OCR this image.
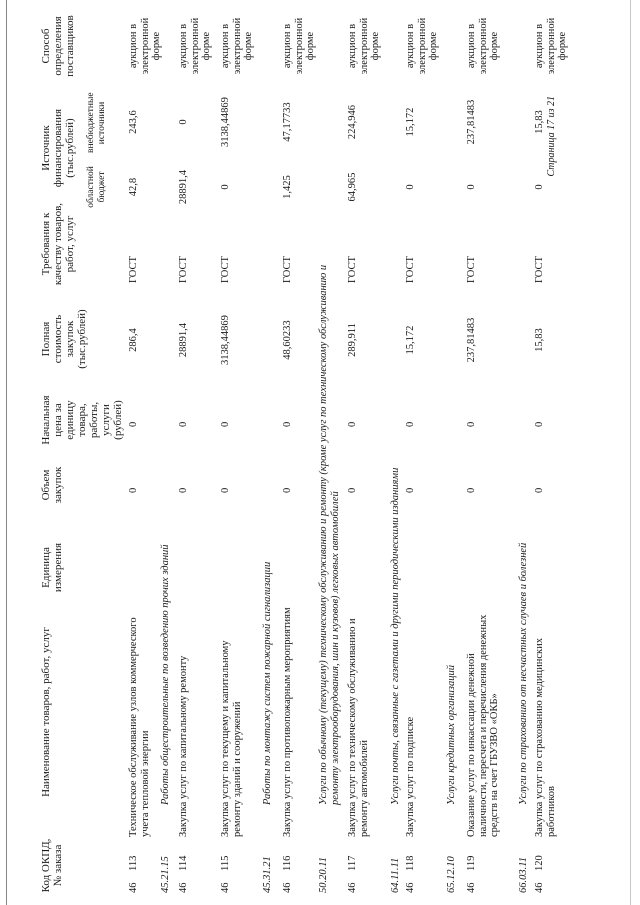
Код ОКПД, № заказа
Наименование товаров, работ, услуг
Единица измерения
Объем закупок
Начальная цена за единицу товара, работы, услуги (рублей)
Полная стоимость закупок (тыс.рублей)
Требования к качеству товаров, работ, услуг
Источник финансирования (тыс.рублей)
областной бюджет
внебюджетные источники
Способ определения поставщиков
46
113
Техническое обслуживание узлов коммерческого учета тепловой энергии
0
0
286,4
ГОСТ
42,8
243,6
аукцион в электронной форме
45.21.15
Работы общестроительные по возведению прочих зданий
46
114
Закупка услуг по капитальному ремонту
0
0
28891,4
ГОСТ
28891,4
0
аукцион в электронной форме
46
115
Закупка услуг по текущему и капитальному ремонту зданий и сооружений
0
0
3138,44869
ГОСТ
0
3138,44869
аукцион в электронной форме
45.31.21
Работы по монтажу систем пожарной сигнализации
46
116
Закупка услуг по противопожарным мероприятиям
0
0
48,60233
ГОСТ
1,425
47,17733
аукцион в электронной форме
50.20.11
Услуги по обычному (текущему) техническому обслуживанию и ремонту (кроме услуг по техническому обслуживанию и ремонту электрооборудования, шин и кузовов) легковых автомобилей
46
117
Закупка услуг по техническому обслуживанию и ремонту автомобилей
0
0
289,911
ГОСТ
64,965
224,946
аукцион в электронной форме
64.11.11
Услуги почты, связанные с газетами и другими периодическими изданиями
46
118
Закупка услуг по подписке
0
0
15,172
ГОСТ
0
15,172
аукцион в электронной форме
65.12.10
Услуги кредитных организаций
46
119
Оказание услуг по инкассации денежной наличности, пересчета и перечисления денежных средств на счет ГБУЗВО «ОКБ»
0
0
237,81483
ГОСТ
0
237,81483
аукцион в электронной форме
66.03.11
Услуги по страхованию от несчастных случаев и болезней
46
120
Закупка услуг по страхованию медицинских работников
0
0
15,83
ГОСТ
0
15,83
аукцион в электронной форме
Страница 17 из 21
